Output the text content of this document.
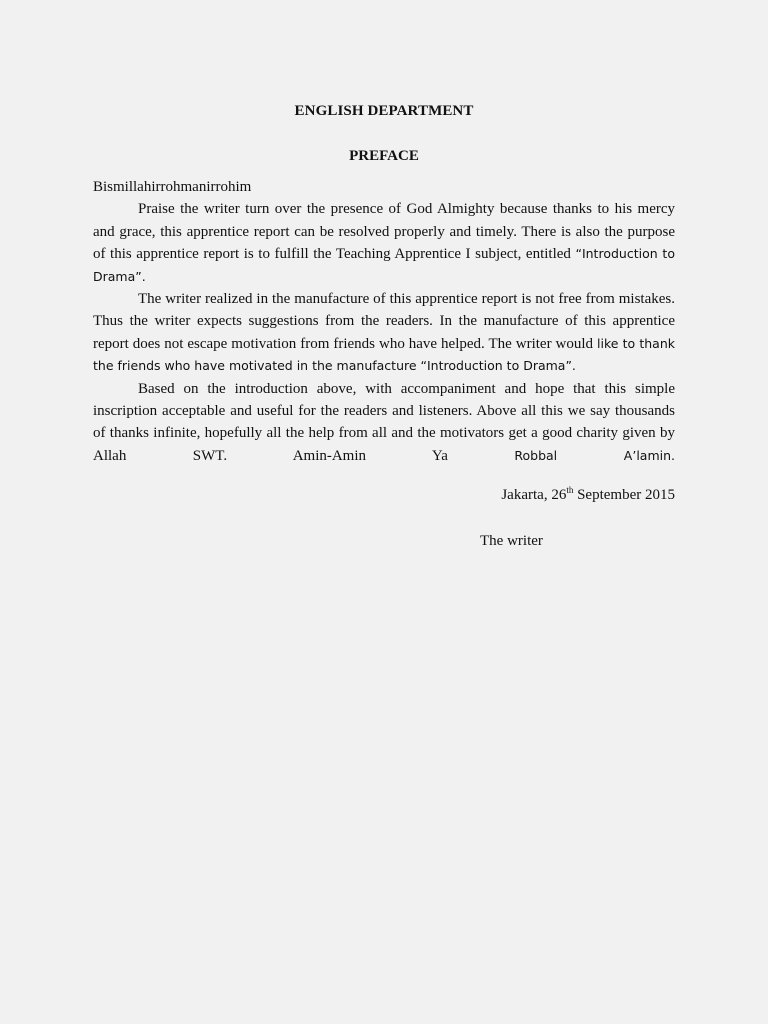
ENGLISH DEPARTMENT
PREFACE

Bismillahirrohmanirrohim

Praise the writer turn over the presence of God Almighty because thanks to his mercy and grace, this apprentice report can be resolved properly and timely. There is also the purpose of this apprentice report is to fulfill the Teaching Apprentice I subject, entitled “Introduction to Drama”.

The writer realized in the manufacture of this apprentice report is not free from mistakes. Thus the writer expects suggestions from the readers. In the manufacture of this apprentice report does not escape motivation from friends who have helped. The writer would like to thank the friends who have motivated in the manufacture “Introduction to Drama”.

Based on the introduction above, with accompaniment and hope that this simple inscription acceptable and useful for the readers and listeners. Above all this we say thousands of thanks infinite, hopefully all the help from all and the motivators get a good charity given by Allah SWT. Amin-Amin Ya Robbal A’lamin.

Jakarta, 26th September 2015
The writer
